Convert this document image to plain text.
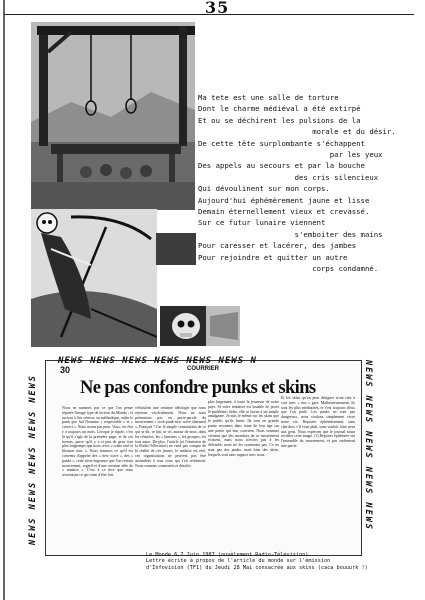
35
Ma tete est une salle de torture
Dont le charme médiéval a été extirpé
Et ou se déchirent les pulsions de la
morale et du désir.
De cette tête surplombante s'échappent
par les yeux
Des appels au secours et par la bouche
des cris silencieux
Qui dévoulinent sur mon corps.
Aujourd'hui éphémèrement jaune et lisse
Demain éternellement vieux et crevassé.
Sur ce futur lunaire viennent
s'emboiter des mains
Pour caresser et lacérer, des jambes
Pour rejoindre et quitter un autre
corps condamné.
NEWS NEWS NEWS NEWS NEWS NEWS N
30	COURRIER
NEWS NEWS NEWS NEWS NEWS	NEWS NEWS NEWS NEWS NEWS
Ne pas confondre punks et skins
Nous ne sommes pas ce que l'on pense réputée l'image type de lecteur du Monde ; et surtout à l'air sérieux ou méthodique, enfin le punk que fait l'homme « respectable » et « correct ». Nous avons pas peur. Vous, cet état y a toujours un mais. Lorsque je rigole, c'est là qu'il s'agit de la première page, et de ces formes, parce qu'il y a si peu de gens tout plus longtemps que nous, avec « crâne rasé et blouson noir ». Nous sommes ce qu'il est convenu d'appeler des « new wave », des « punks », cette triste engeance que l'on certain mouvement, regard et d'une certaine idée de « malaise ». C'est à ce titre que nous ressentons ce qui vient d'être fait.
véhiculent une certaine idéologie que nous rejetons viscéralement. Nous ne nous présentons pas en porte-parole du mouvement « rock-punk-new wave alternatif », Français ! Car le simple connotation de ce qui se dit, se fait, se vit, autour de nous, dans les cénacles, les « fanzines », les groupes, est tout autre. De plus, l'article (et l'émission de la Radio-Télévision) ne rend pas compte de la réalité de ces jeunes, le malaise est réel, ces organisations ne peuvent pas être assimilées à tous ceux qui s'en réclament. Nous sommes consternés et désolés.
plus largement, à toute la jeunesse de notre pays. Si votre tentative est louable de poser le problème, hélas, elle se borne à un simple amalgame. Je suis le même sur les skins que le public qu'ils lisent. Ils sont en grande partie reconnus dans toute de leur âge sur une partie qui leur convient. Nous sommes certains que des membres de ce mouvement existent, mais nous n'avons pas à les défendre, nous ne les soutenons pas. Ce ne sont pas des punks, mais bien des skins, lesquels sont sans rapport avec nous.
Et les skins qu'on peut désigner n'ont rien à voir avec « nos » gars. Malheureusement, ils sont les plus médiatisés, et c'est toujours d'eux que l'on parle. Les punks ne sont pas dangereux, nous voulons simplement vivre notre vie. Reporter éphémèrement, sans chercher, s'il vous plaît, sans vouloir faire peur aux gens. Nous espérons que le journal saura rectifier cette image. (1) Reporter éphémère sur l'ensemble du mouvement, et pas seulement une partie.
Le Monde 6,7 Juin 1987 (ouvèlement Radio-Télévision).
Lettre écrite à propos de l'article du monde sur l'émission
d'Infovision (TF1) du Jeudi 28 Mai consacrée aux skins (caca bouuurk !)
